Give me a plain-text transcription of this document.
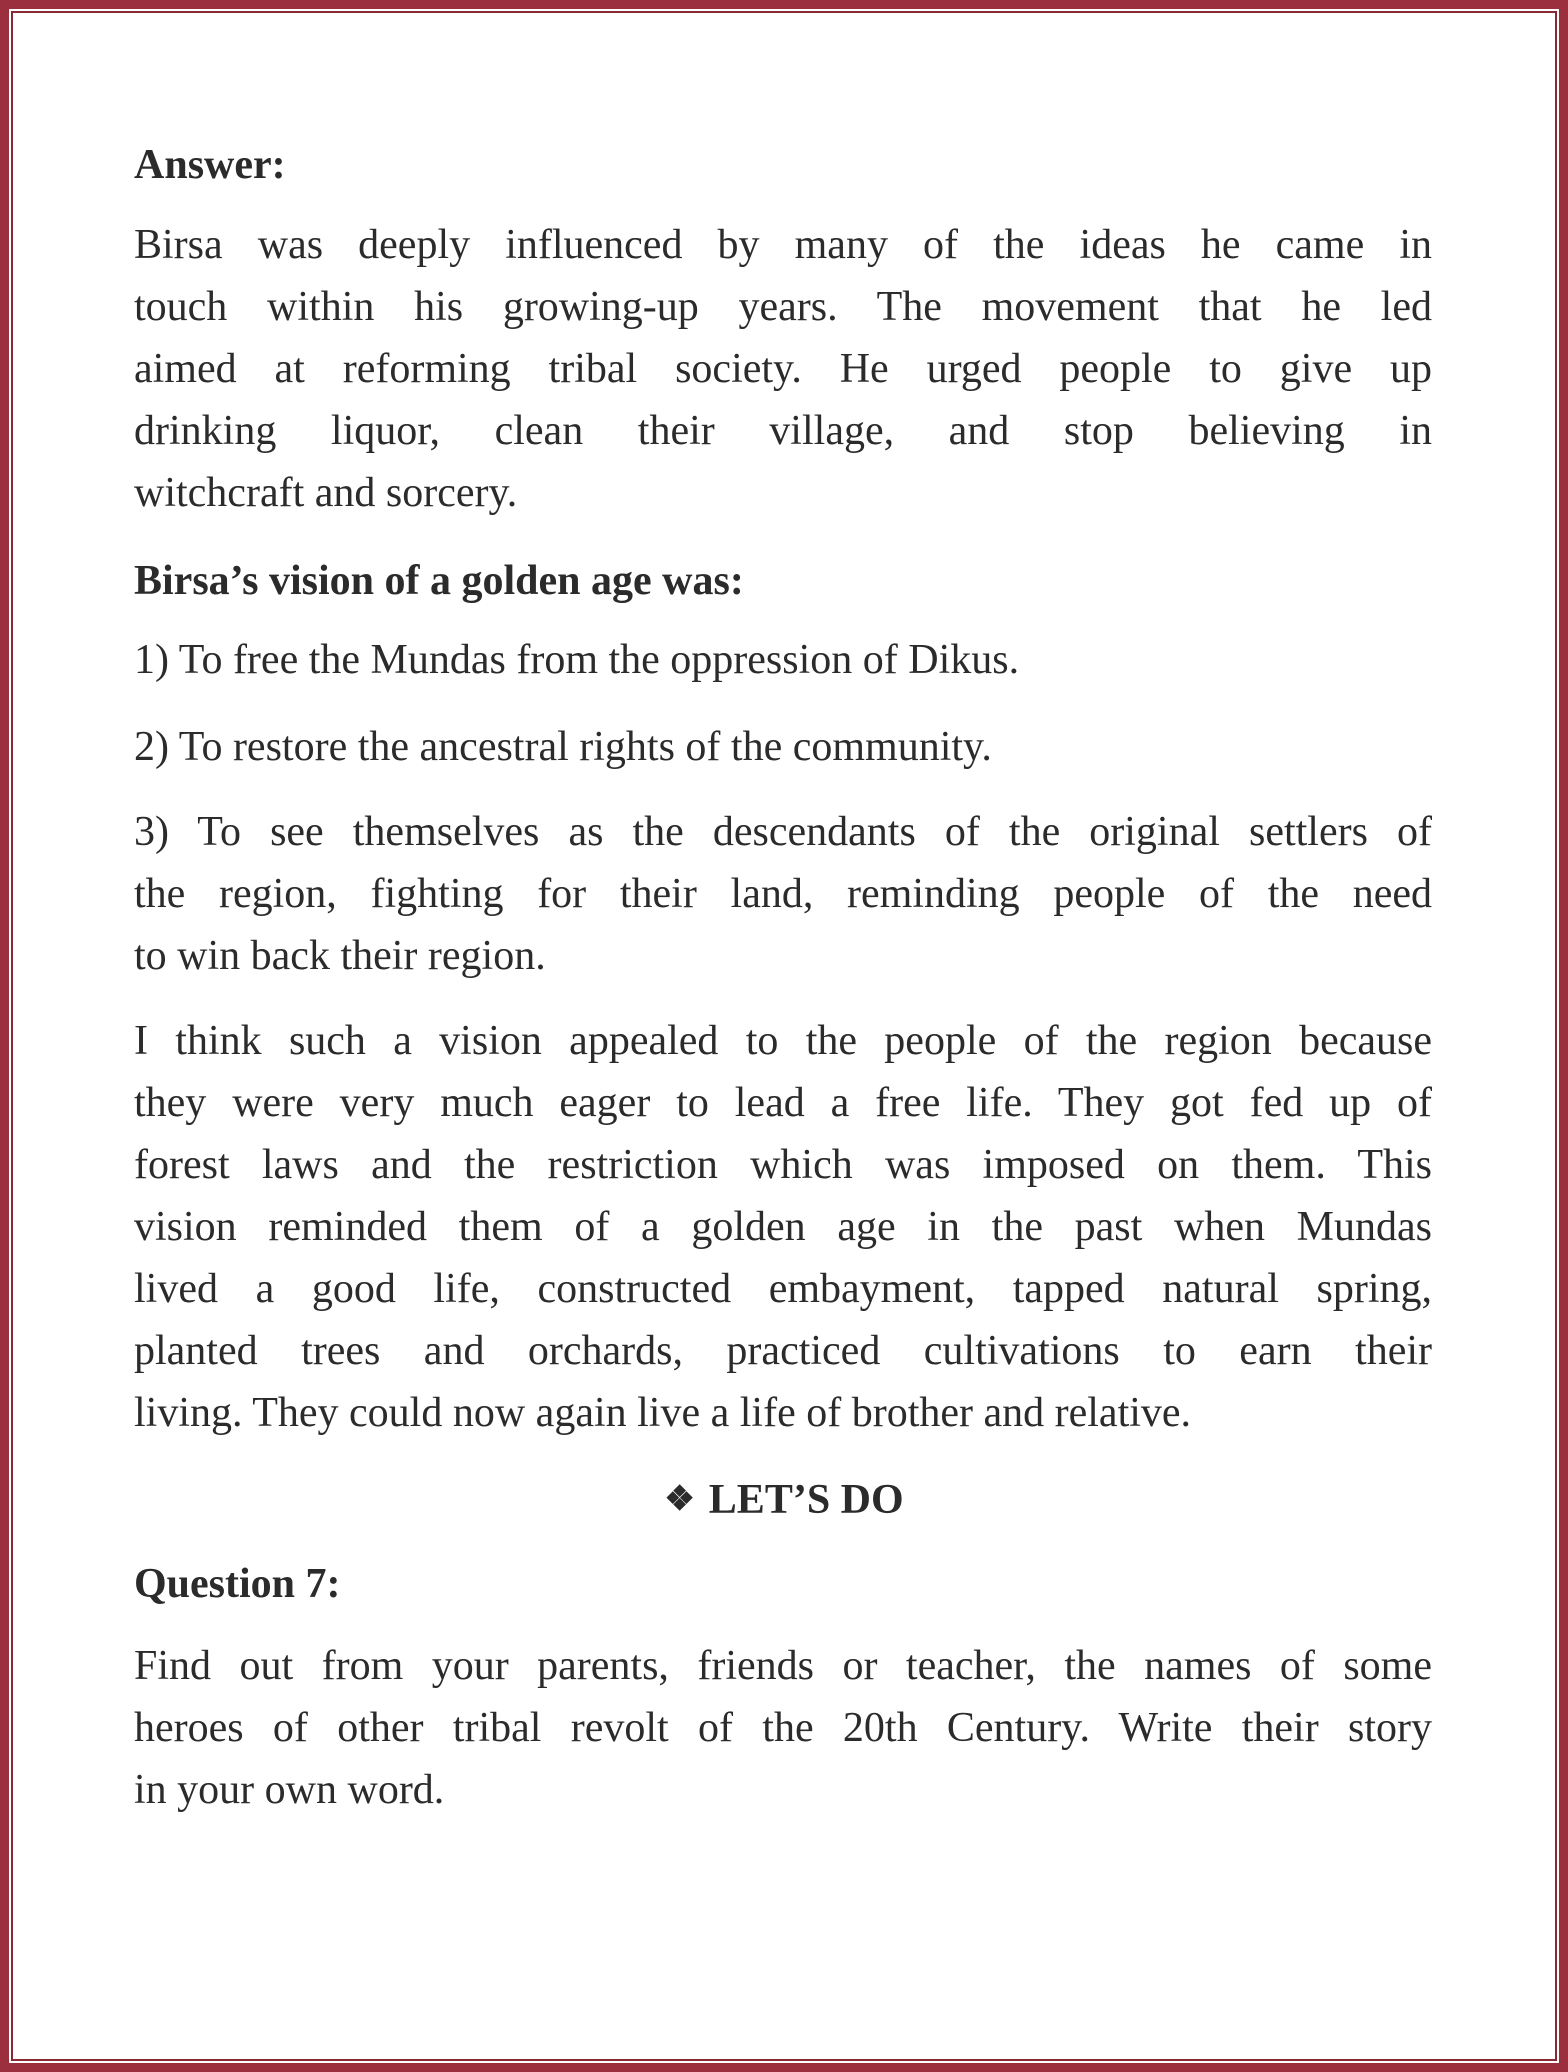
Answer:
Birsa was deeply influenced by many of the ideas he came in
touch within his growing-up years. The movement that he led
aimed at reforming tribal society. He urged people to give up
drinking liquor, clean their village, and stop believing in
witchcraft and sorcery.
Birsa’s vision of a golden age was:
1) To free the Mundas from the oppression of Dikus.
2) To restore the ancestral rights of the community.
3) To see themselves as the descendants of the original settlers of
the region, fighting for their land, reminding people of the need
to win back their region.
I think such a vision appealed to the people of the region because
they were very much eager to lead a free life. They got fed up of
forest laws and the restriction which was imposed on them. This
vision reminded them of a golden age in the past when Mundas
lived a good life, constructed embayment, tapped natural spring,
planted trees and orchards, practiced cultivations to earn their
living. They could now again live a life of brother and relative.
❖ LET’S DO
Question 7:
Find out from your parents, friends or teacher, the names of some
heroes of other tribal revolt of the 20th Century. Write their story
in your own word.
